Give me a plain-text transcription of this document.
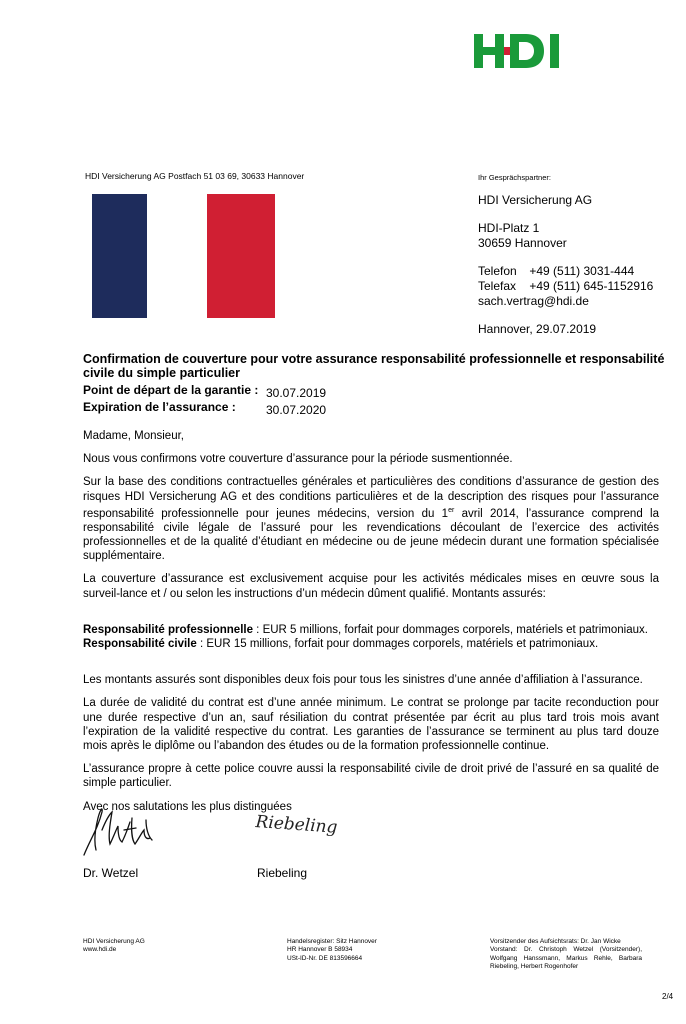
HDI Versicherung AG Postfach 51 03 69, 30633 Hannover	Ihr Gesprächspartner:
HDI Versicherung AG
HDI-Platz 1
30659 Hannover
Telefon +49 (511) 3031-444
Telefax +49 (511) 645-1152916
sach.vertrag@hdi.de
Hannover, 29.07.2019
Confirmation de couverture pour votre assurance responsabilité professionnelle et responsabilité civile du simple particulier
Point de départ de la garantie : 30.07.2019
Expiration de l’assurance :	30.07.2020

Madame, Monsieur,

Nous vous confirmons votre couverture d’assurance pour la période susmentionnée.

Sur la base des conditions contractuelles générales et particulières des conditions d’assurance de gestion des risques HDI Versicherung AG et des conditions particulières et de la description des risques pour l’assurance responsabilité professionnelle pour jeunes médecins, version du 1er avril 2014, l’assurance comprend la responsabilité civile légale de l’assuré pour les revendications découlant de l’exercice des activités professionnelles et de la qualité d’étudiant en médecine ou de jeune médecin durant une formation spécialisée supplémentaire.

La couverture d’assurance est exclusivement acquise pour les activités médicales mises en œuvre sous la surveil-lance et / ou selon les instructions d’un médecin dûment qualifié. Montants assurés:

Responsabilité professionnelle : EUR 5 millions, forfait pour dommages corporels, matériels et patrimoniaux.

Responsabilité civile : EUR 15 millions, forfait pour dommages corporels, matériels et patrimoniaux.

Les montants assurés sont disponibles deux fois pour tous les sinistres d’une année d’affiliation à l’assurance.

La durée de validité du contrat est d’une année minimum. Le contrat se prolonge par tacite reconduction pour une durée respective d’un an, sauf résiliation du contrat présentée par écrit au plus tard trois mois avant l’expiration de la validité respective du contrat. Les garanties de l’assurance se terminent au plus tard douze mois après le diplôme ou l’abandon des études ou de la formation professionnelle continue.

L’assurance propre à cette police couvre aussi la responsabilité civile de droit privé de l’assuré en sa qualité de simple particulier.

Avec nos salutations les plus distinguées

Riebeling
Dr. Wetzel	Riebeling
HDI Versicherung AG
www.hdi.de
Handelsregister: Sitz Hannover
HR Hannover B 58934
USt-ID-Nr. DE 813596664
Vorsitzender des Aufsichtsrats: Dr. Jan Wicke
Vorstand: Dr. Christoph Wetzel (Vorsitzender), Wolfgang Hanssmann, Markus Rehle, Barbara Riebeling, Herbert Rogenhofer
2/4
